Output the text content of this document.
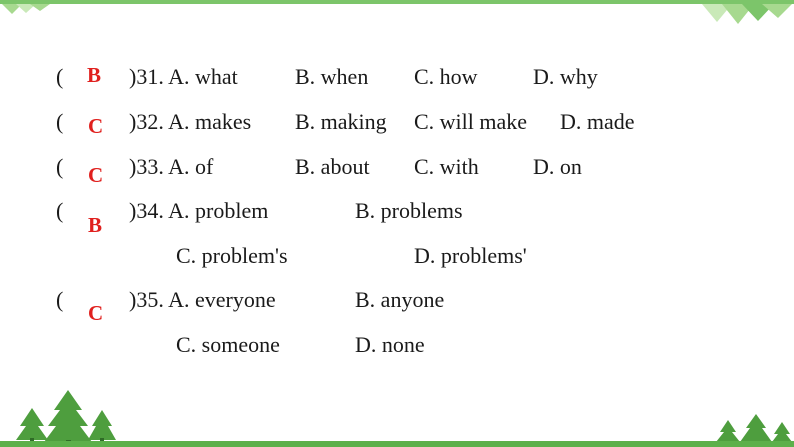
( B )31. A. what	B. when C. how	D. why
( C )32. A. makes B. making C. will make D. made
( C )33. A. of	B. about C. with D. on
(
B
)34. A. problem	B. problems
C. problem's	D. problems'
(
C
)35. A. everyone	B. anyone
C. someone	D. none
